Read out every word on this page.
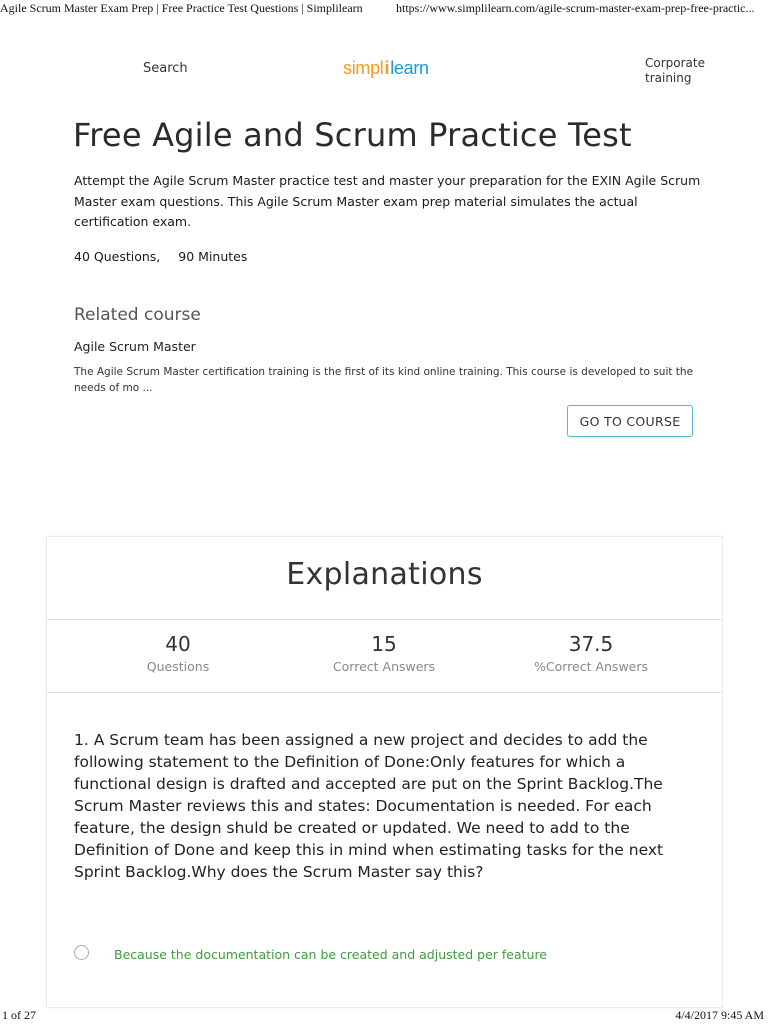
Agile Scrum Master Exam Prep | Free Practice Test Questions | Simplilearn	https://www.simplilearn.com/agile-scrum-master-exam-prep-free-practic...
Search	simplilearn	Corporate training
Free Agile and Scrum Practice Test

Attempt the Agile Scrum Master practice test and master your preparation for the EXIN Agile Scrum Master exam questions. This Agile Scrum Master exam prep material simulates the actual certification exam.

40 Questions, 90 Minutes
Related course
Agile Scrum Master

The Agile Scrum Master certification training is the first of its kind online training. This course is developed to suit the needs of mo ...

GO TO COURSE
Explanations
40
Questions
15
Correct Answers
37.5
%Correct Answers

1. A Scrum team has been assigned a new project and decides to add the following statement to the Definition of Done:Only features for which a functional design is drafted and accepted are put on the Sprint Backlog.The Scrum Master reviews this and states: Documentation is needed. For each feature, the design shuld be created or updated. We need to add to the Definition of Done and keep this in mind when estimating tasks for the next Sprint Backlog.Why does the Scrum Master say this?

Because the documentation can be created and adjusted per feature
1 of 27	4/4/2017 9:45 AM
